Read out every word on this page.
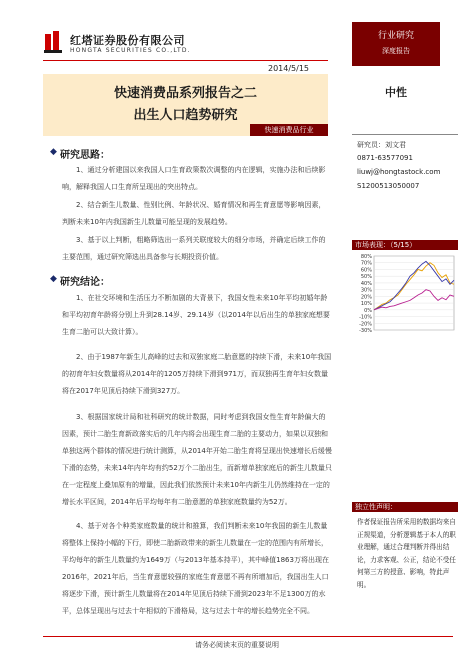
红塔证券股份有限公司
HONGTA SECURITIES CO.,LTD.
2014/5/15
快速消费品系列报告之二
出生人口趋势研究
快速消费品行业
行业研究
深度报告
中性
研究员：刘文君
0871-63577091
liuwj@hongtastock.com
S1200513050007
市场表现：（5/15）
80%
70%
60%
50%
40%
30%
20%
10%
0%
-10%
-20%
-30%
独立性声明：
作者保证报告所采用的数据均来自正规渠道，分析逻辑基于本人的职业理解，通过合理判断并得出结论，力求客观、公正，结论不受任何第三方的授意、影响，特此声明。
◆ 研究思路：
1、通过分析建国以来我国人口生育政策数次调整的内在逻辑，实施办法和后续影响，解释我国人口生育所呈现出的突出特点。
2、结合新生儿数量、性别比例、年龄状况、婚育情况和再生育意愿等影响因素，判断未来10年内我国新生儿数量可能呈现的发展趋势。
3、基于以上判断，粗略筛选出一系列关联度较大的细分市场，并确定后续工作的主要范围，通过研究筛选出具备参与长期投资价值。
◆ 研究结论：
1、在社交环境和生活压力不断加剧的大背景下，我国女性未来10年平均初婚年龄和平均初育年龄将分别上升到28.14岁、29.14岁（以2014年以后出生的单独家庭想要生育二胎可以大致计算）。
2、由于1987年新生儿高峰的过去和双独家庭二胎意愿的持续下滑，未来10年我国的初育年妇女数量将从2014年的1205万持续下滑到971万，而双独再生育年妇女数量将在2017年见顶后持续下滑到327万。
3、根据国家统计局和社科研究的统计数据，同时考虑到我国女性生育年龄偏大的因素，预计二胎生育新政落实后的几年内将会出现生育二胎的主要动力，如果以双独和单独这两个群体的情况进行统计测算，从2014年开始二胎生育将呈现出快速增长后缓慢下滑的态势，未来14年内年均有约52万个二胎出生，而新增单独家庭后的新生儿数量只在一定程度上叠加原有的增量，因此我们依然预计未来10年内新生儿仍然维持在一定的增长水平区间，2014年后平均每年有二胎意愿的单独家庭数量约为52万。
4、基于对各个种类家庭数量的统计和推算，我们判断未来10年我国的新生儿数量将整体上保持小幅的下行，即使二胎新政带来的新生儿数量在一定的范围内有所增长，平均每年的新生儿数量约为1649万（与2013年基本持平），其中峰值1863万将出现在2016年，2021年后，当生育意愿较强的家庭生育意愿不再有所增加后，我国出生人口将逐步下滑，预计新生儿数量将在2014年见顶后持续下滑到2023年不足1300万的水平，总体呈现出与过去十年相似的下滑格局，这与过去十年的增长趋势完全不同。
请务必阅读末页的重要说明
